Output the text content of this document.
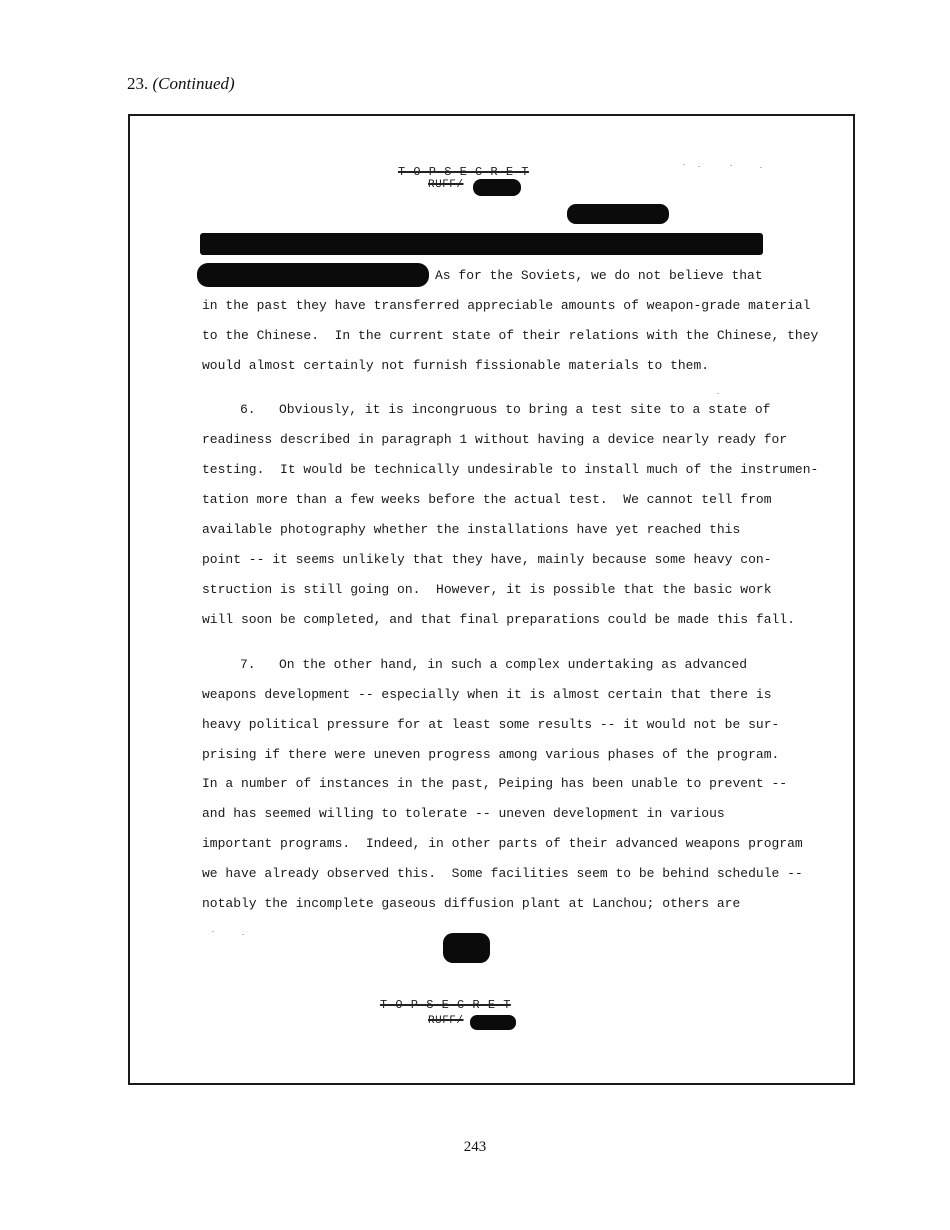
23. (Continued)
T-O-P S-E-C-R-E-T
RUFF/
As for the Soviets, we do not believe that
in the past they have transferred appreciable amounts of weapon-grade material
to the Chinese.  In the current state of their relations with the Chinese, they
would almost certainly not furnish fissionable materials to them.
6.   Obviously, it is incongruous to bring a test site to a state of
readiness described in paragraph 1 without having a device nearly ready for
testing.  It would be technically undesirable to install much of the instrumen-
tation more than a few weeks before the actual test.  We cannot tell from
available photography whether the installations have yet reached this
point -- it seems unlikely that they have, mainly because some heavy con-
struction is still going on.  However, it is possible that the basic work
will soon be completed, and that final preparations could be made this fall.
7.   On the other hand, in such a complex undertaking as advanced
weapons development -- especially when it is almost certain that there is
heavy political pressure for at least some results -- it would not be sur-
prising if there were uneven progress among various phases of the program.
In a number of instances in the past, Peiping has been unable to prevent --
and has seemed willing to tolerate -- uneven development in various
important programs.  Indeed, in other parts of their advanced weapons program
we have already observed this.  Some facilities seem to be behind schedule --
notably the incomplete gaseous diffusion plant at Lanchou; others are
T-O-P S-E-C-R-E-T
RUFF/
243
